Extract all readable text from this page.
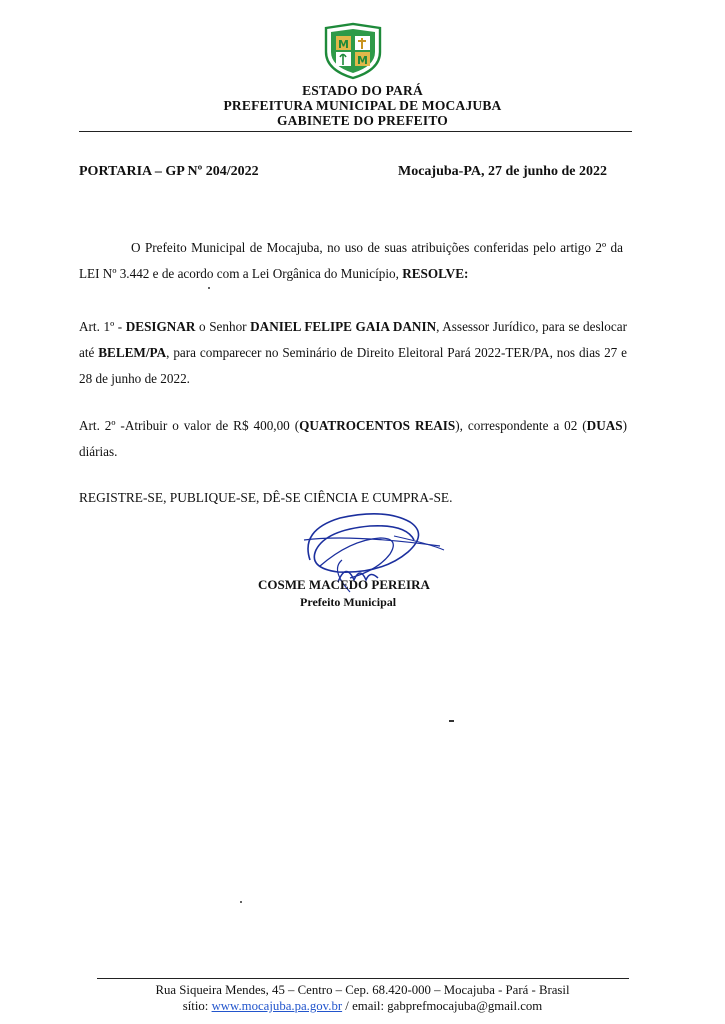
M
M
ESTADO DO PARÁ
PREFEITURA MUNICIPAL DE MOCAJUBA
GABINETE DO PREFEITO
PORTARIA – GP Nº 204/2022	Mocajuba-PA, 27 de junho de 2022
O Prefeito Municipal de Mocajuba, no uso de suas atribuições conferidas pelo artigo 2º da LEI Nº 3.442 e de acordo com a Lei Orgânica do Município, RESOLVE:
Art. 1º - DESIGNAR o Senhor DANIEL FELIPE GAIA DANIN, Assessor Jurídico, para se deslocar até BELEM/PA, para comparecer no Seminário de Direito Eleitoral Pará 2022-TER/PA, nos dias 27 e 28 de junho de 2022.
Art. 2º -Atribuir o valor de R$ 400,00 (QUATROCENTOS REAIS), correspondente a 02 (DUAS) diárias.
REGISTRE-SE, PUBLIQUE-SE, DÊ-SE CIÊNCIA E CUMPRA-SE.
COSME MACEDO PEREIRA
Prefeito Municipal
Rua Siqueira Mendes, 45 – Centro – Cep. 68.420-000 – Mocajuba - Pará - Brasil
sítio: www.mocajuba.pa.gov.br / email: gabprefmocajuba@gmail.com
